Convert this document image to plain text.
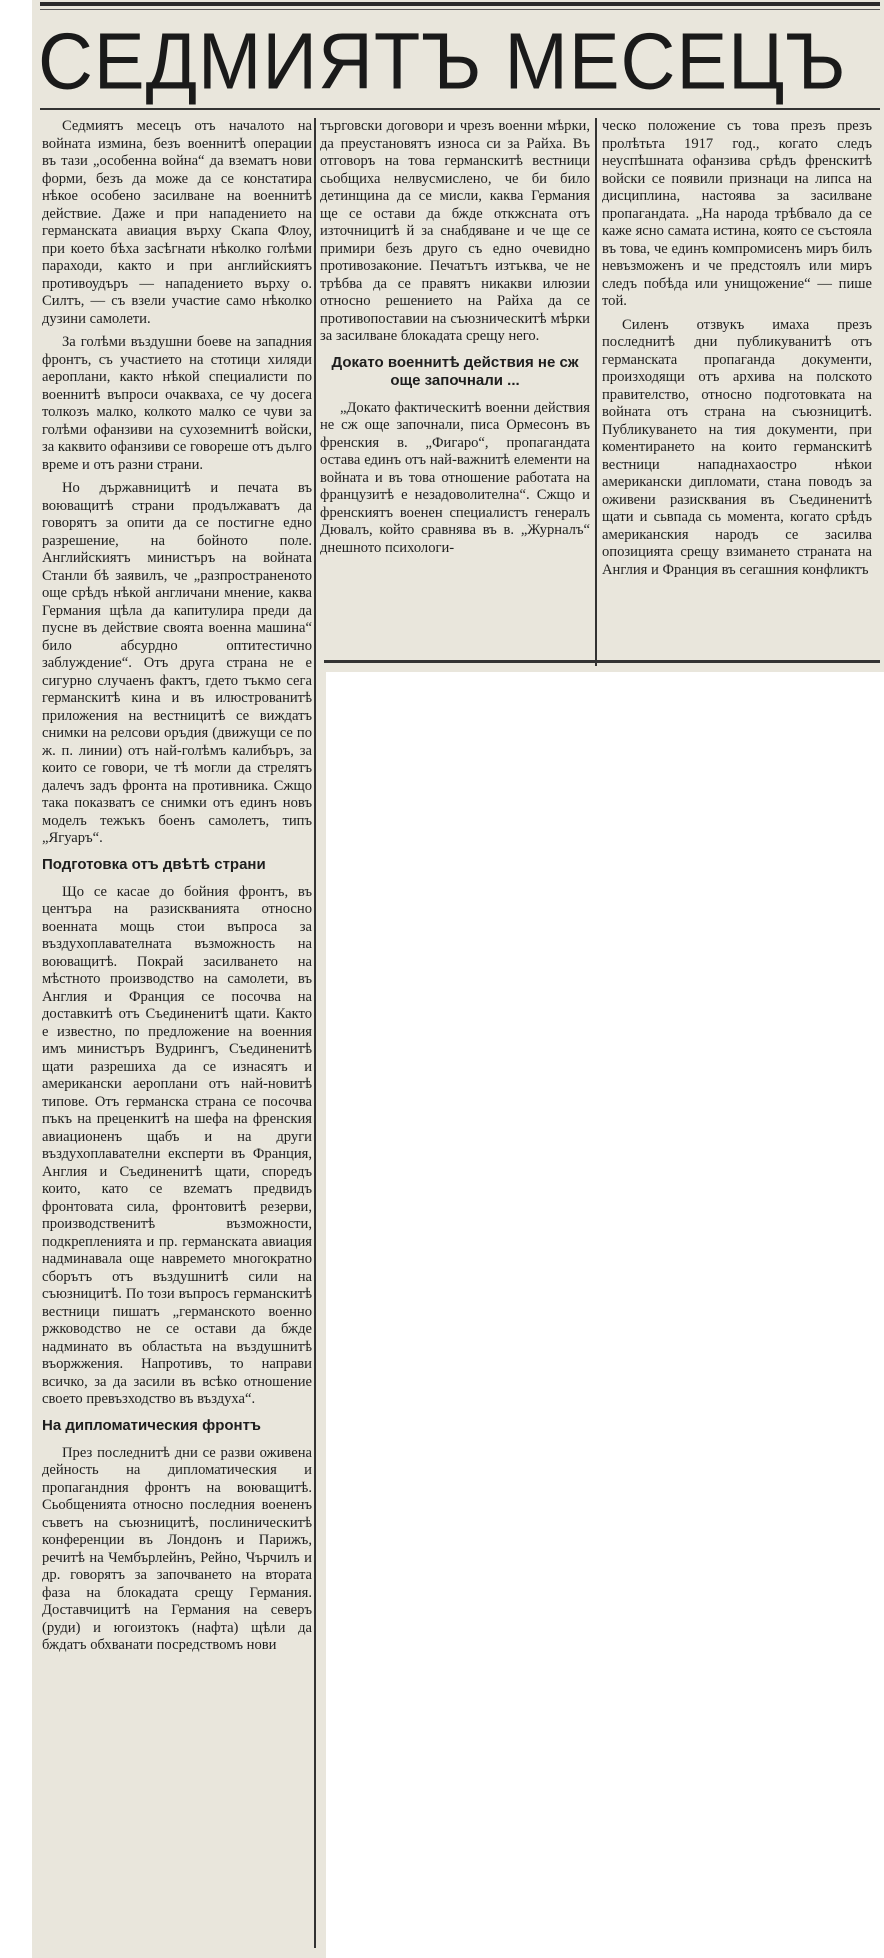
СЕДМИЯТЪ МЕСЕЦЪ

Седмиятъ месецъ отъ началото на войната измина, безъ военнитѣ операции въ тази „особенна война“ да взематъ нови форми, безъ да може да се констатира нѣкое особено засилване на военнитѣ действие. Даже и при нападението на германската авиация върху Скапа Флоу, при което бѣха засѣгнати нѣколко голѣми параходи, както и при английскиятъ противоудъръ — нападението върху о. Силтъ, — съ взели участие само нѣколко дузини самолети.

За голѣми въздушни боеве на западния фронтъ, съ участието на стотици хиляди аероплани, както нѣкой специалисти по военнитѣ въпроси очакваха, се чу досега толкозъ малко, колкото малко се чуви за голѣми офанзиви на сухоземнитѣ войски, за каквито офанзиви се говореше отъ дълго време и отъ разни страни.

Но държавницитѣ и печата въ воюващитѣ страни продължаватъ да говорятъ за опити да се постигне едно разрешение, на бойното поле. Английскиятъ министъръ на войната Станли бѣ заявилъ, че „разпространеното още срѣдъ нѣкой англичани мнение, каква Германия щѣла да капитулира преди да пусне въ действие своята военна машина“ било абсурдно оптитестично заблуждение“. Отъ друга страна не е сигурно случаенъ фактъ, гдето тъкмо сега германскитѣ кина и въ илюстрованитѣ приложения на вестницитѣ се виждатъ снимки на релсови оръдия (движущи се по ж. п. линии) отъ най-голѣмъ калибъръ, за които се говори, че тѣ могли да стрелятъ далечъ задъ фронта на противника. Сжщо така показватъ се снимки отъ единъ новъ моделъ тежъкъ боенъ самолетъ, типъ „Ягуаръ“.

Подготовка отъ двѣтѣ страни

Що се касае до бойния фронтъ, въ центъра на разискванията относно военната мощь стои въпроса за въздухоплавателната възможность на воюващитѣ. Покрай засилването на мѣстното производство на самолети, въ Англия и Франция се посочва на доставкитѣ отъ Съединенитѣ щати. Както е известно, по предложение на военния имъ министъръ Вудрингъ, Съединенитѣ щати разрешиха да се изнасятъ и американски аероплани отъ най-новитѣ типове. Отъ германска страна се посочва пъкъ на преценкитѣ на шефа на френския авиационенъ щабъ и на други въздухоплавателни експерти въ Франция, Англия и Съединенитѣ щати, споредъ които, като се вzематъ предвидъ фронтовата сила, фронтовитѣ резерви, производственитѣ възможности, подкрепленията и пр. германската авиация надминавала още навремето многократно сборътъ отъ въздушнитѣ сили на съюзницитѣ. По този въпросъ германскитѣ вестници пишатъ „германското военно ржководство не се остави да бжде надминато въ областьта на въздушнитѣ въоржжения. Напротивъ, то направи всичко, за да засили въ всѣко отношение своето превъзходство въ въздуха“.

На дипломатическия фронтъ

През последнитѣ дни се разви оживена дейность на дипломатическия и пропагандния фронтъ на воюващитѣ. Сьобщенията относно последния воененъ съветъ на съюзницитѣ, послиническитѣ конференции въ Лондонъ и Парижъ, речитѣ на Чембърлейнъ, Рейно, Чърчилъ и др. говорятъ за започването на втората фаза на блокадата срещу Германия. Доставчицитѣ на Германия на северъ (руди) и югоизтокъ (нафта) щѣли да бждатъ обхванати посредствомъ нови

търговски договори и чрезъ военни мѣрки, да преустановятъ износа си за Райха. Въ отговоръ на това германскитѣ вестници сьобщиха нелвусмислено, че би било детинщина да се мисли, каква Германия ще се остави да бжде откжснатa отъ източницитѣ й за снабдяване и че ще се примири безъ друго съ едно очевидно противозаконие. Печатътъ изтъква, че не трѣбва да се правятъ никакви илюзии относно решението на Райха да се противопоставии на съюзническитѣ мѣрки за засилване блокадата срещу него.

Докато военнитѣ действия не сж още започнали ...

„Докато фактическитѣ военни действия не сж още започнали, писа Ормесонъ въ френския в. „Фигаро“, пропагандата остава единъ отъ най-важнитѣ елементи на войната и въ това отношение работата на французитѣ е незадоволителна“. Сжщо и френскиятъ военен специалистъ генералъ Дювалъ, който сравнява въ в. „Журналъ“ днешното психологи-

ческо положение съ това презъ презъ пролѣтьта 1917 год., когато следъ неуспѣшната офанзива срѣдъ френскитѣ войски се появили признаци на липса на дисциплина, настоява за засилване пропагандата. „На народа трѣбвало да се каже ясно самата истина, която се състояла въ това, че единъ компромисенъ миръ билъ невъзможенъ и че предстоялъ или миръ следъ побѣда или унищожение“ — пише той.

Силенъ отзвукъ имаха презъ последнитѣ дни публикуванитѣ отъ германската пропаганда документи, произходящи отъ архива на полското правителство, относно подготовката на войната отъ страна на съюзницитѣ. Публикуването на тия документи, при коментирането на които германскитѣ вестници нападнахаостро нѣкои американски дипломати, стана поводъ за оживени разисквания въ Съединенитѣ щати и сьвпада сь момента, когато срѣдъ американския народъ се засилва опозицията срещу взимането страната на Англия и Франция въ сегашния конфликтъ
